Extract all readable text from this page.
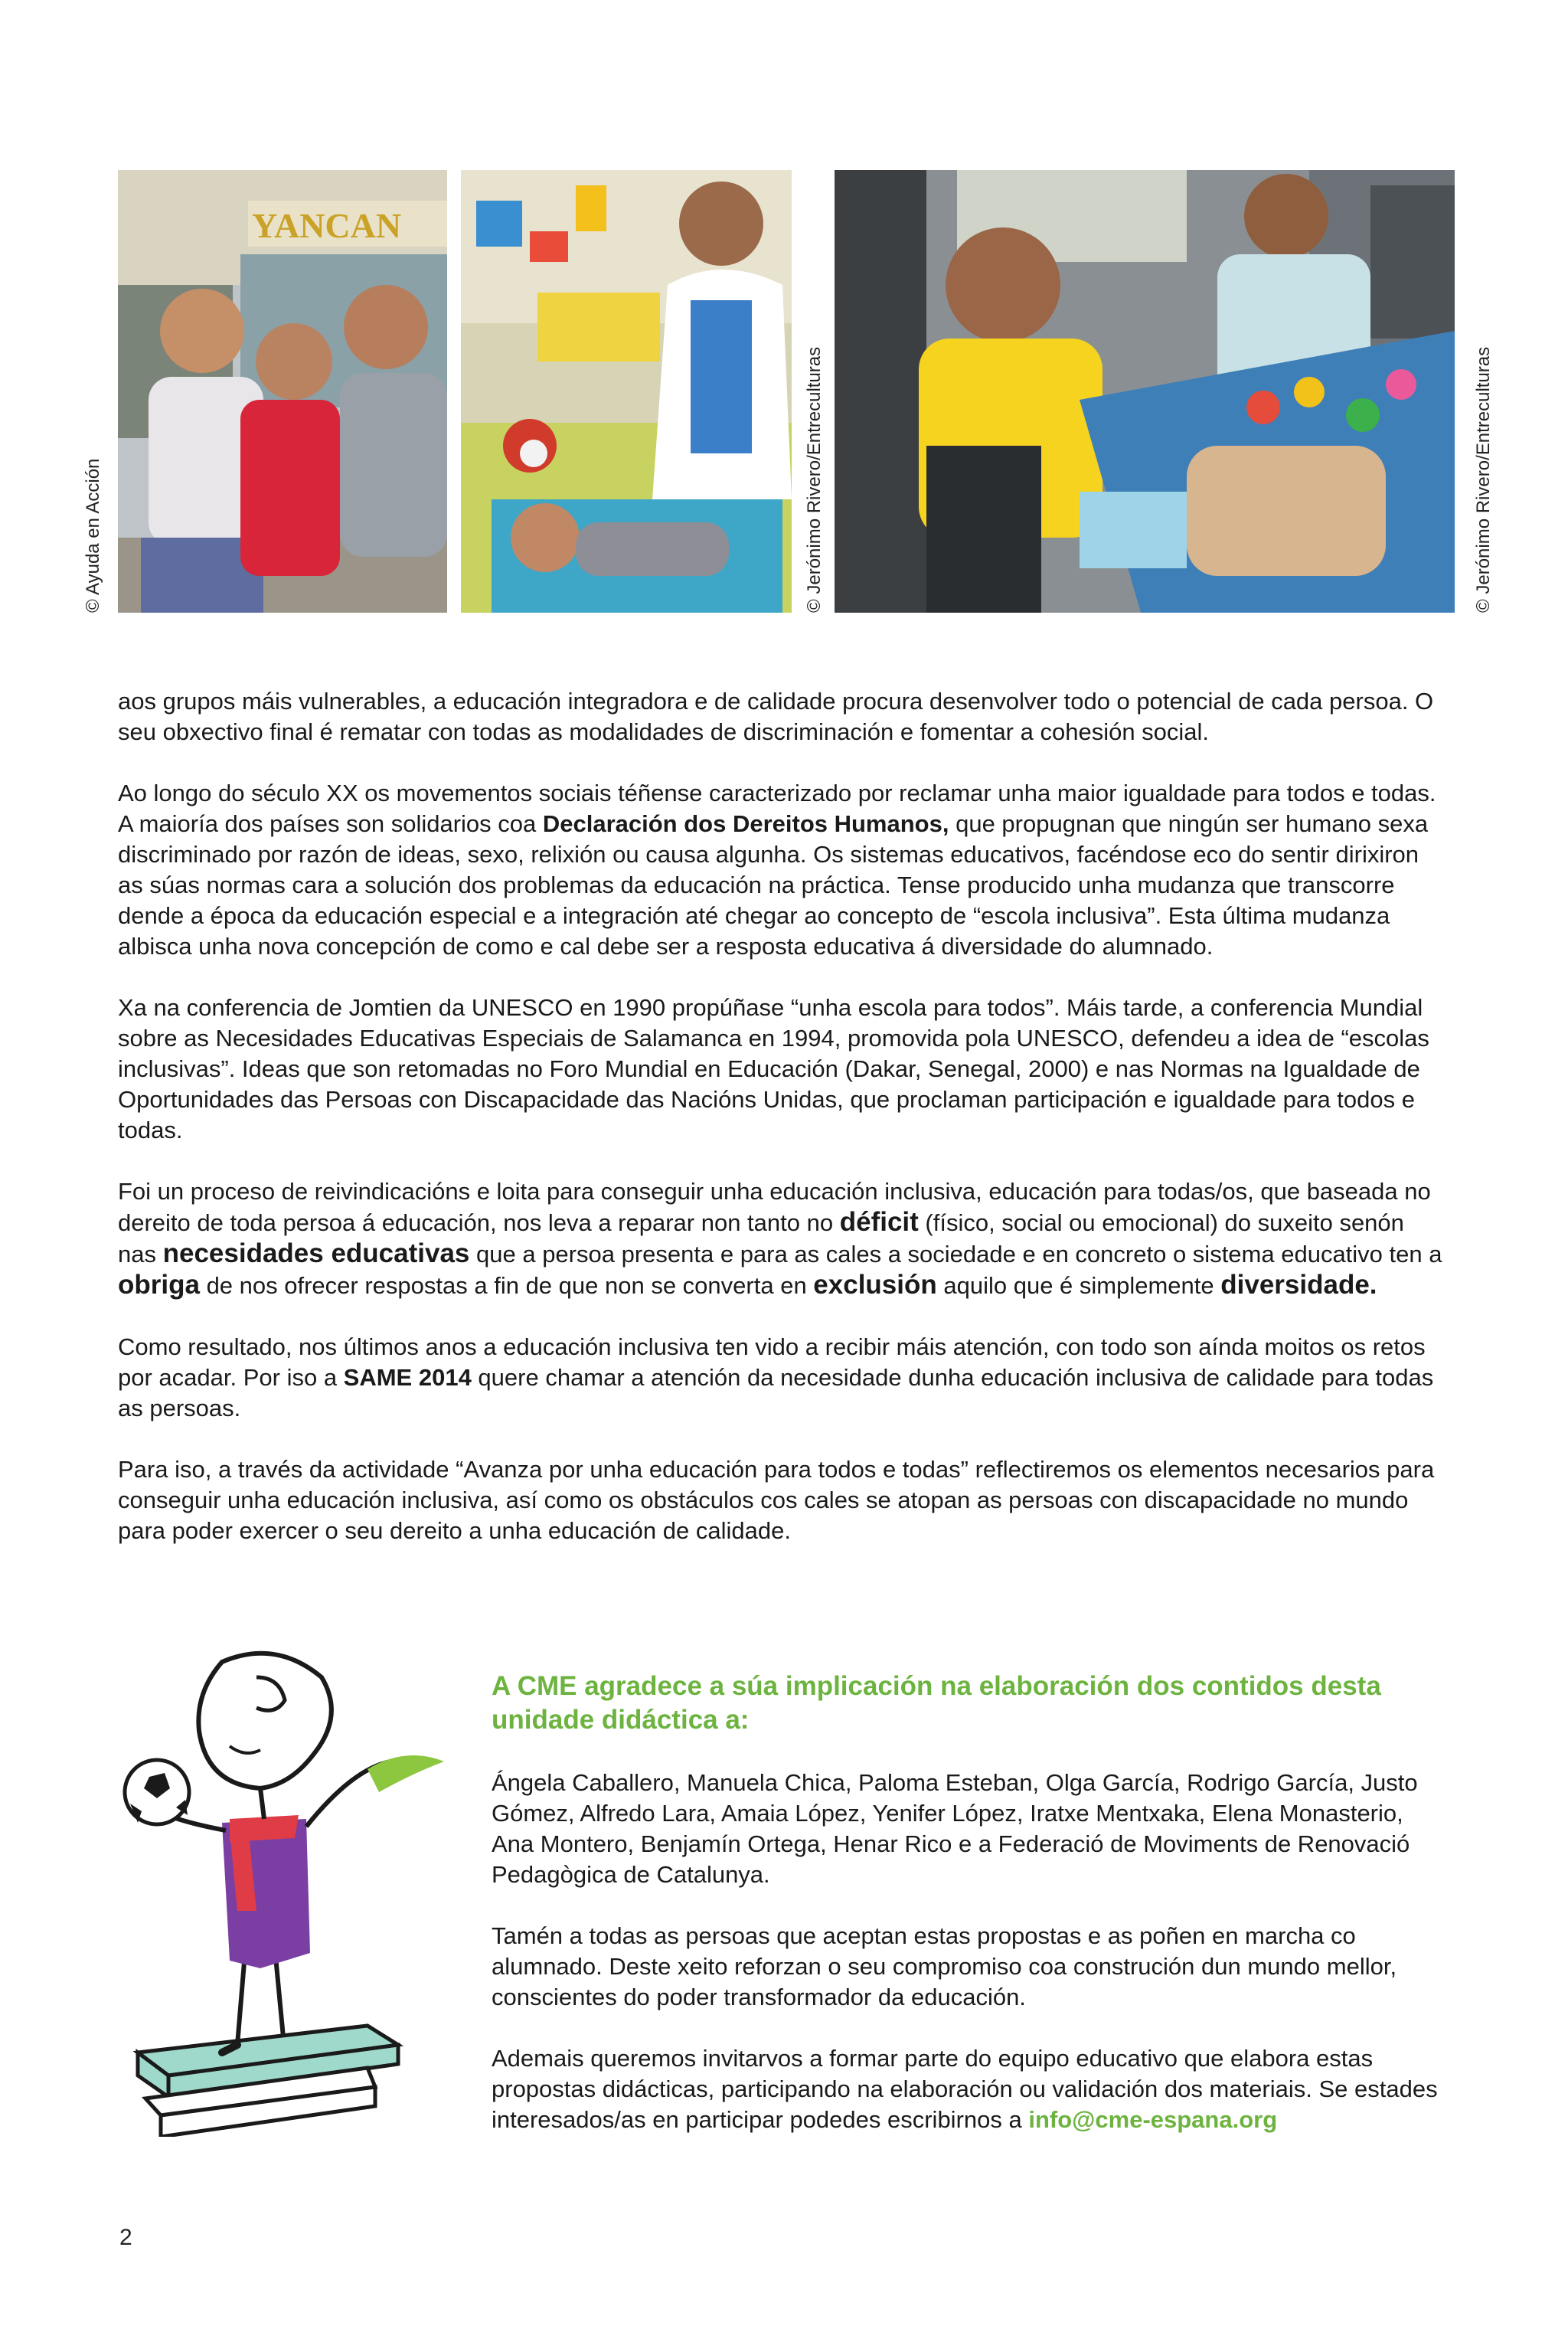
YANCAN
© Ayuda en Acción	© Jerónimo Rivero/Entreculturas	© Jerónimo Rivero/Entreculturas

aos grupos máis vulnerables, a educación integradora e de calidade procura desenvolver todo o potencial de cada persoa. O seu obxectivo final é rematar con todas as modalidades de discriminación e fomentar a cohesión social.

Ao longo do século XX os movementos sociais téñense caracterizado por reclamar unha maior igualdade para todos e todas. A maioría dos países son solidarios coa Declaración dos Dereitos Humanos, que propugnan que ningún ser humano sexa discriminado por razón de ideas, sexo, relixión ou causa algunha. Os sistemas educativos, facéndose eco do sentir dirixiron as súas normas cara a solución dos problemas da educación na práctica. Tense producido unha mudanza que transcorre dende a época da educación especial e a integración até chegar ao concepto de “escola inclusiva”. Esta última mudanza albisca unha nova concepción de como e cal debe ser a resposta educativa á diversidade do alumnado.

Xa na conferencia de Jomtien da UNESCO en 1990 propúñase “unha escola para todos”. Máis tarde, a conferencia Mundial sobre as Necesidades Educativas Especiais de Salamanca en 1994, promovida pola UNESCO, defendeu a idea de “escolas inclusivas”. Ideas que son retomadas no Foro Mundial en Educación (Dakar, Senegal, 2000) e nas Normas na Igualdade de Oportunidades das Persoas con Discapacidade das Nacións Unidas, que proclaman participación e igualdade para todos e todas.

Foi un proceso de reivindicacións e loita para conseguir unha educación inclusiva, educación para todas/os, que baseada no dereito de toda persoa á educación, nos leva a reparar non tanto no déficit (físico, social ou emocional) do suxeito senón nas necesidades educativas que a persoa presenta e para as cales a sociedade e en concreto o sistema educativo ten a obriga de nos ofrecer respostas a fin de que non se converta en exclusión aquilo que é simplemente diversidade.

Como resultado, nos últimos anos a educación inclusiva ten vido a recibir máis atención, con todo son aínda moitos os retos por acadar. Por iso a SAME 2014 quere chamar a atención da necesidade dunha educación inclusiva de calidade para todas as persoas.

Para iso, a través da actividade “Avanza por unha educación para todos e todas” reflectiremos os elementos necesarios para conseguir unha educación inclusiva, así como os obstáculos cos cales se atopan as persoas con discapacidade no mundo para poder exercer o seu dereito a unha educación de calidade.

A CME agradece a súa implicación na elaboración dos contidos desta unidade didáctica a:

Ángela Caballero, Manuela Chica, Paloma Esteban, Olga García, Rodrigo García, Justo Gómez, Alfredo Lara, Amaia López, Yenifer López, Iratxe Mentxaka, Elena Monasterio, Ana Montero, Benjamín Ortega, Henar Rico e a Federació de Moviments de Renovació Pedagògica de Catalunya.

Tamén a todas as persoas que aceptan estas propostas e as poñen en marcha co alumnado. Deste xeito reforzan o seu compromiso coa construción dun mundo mellor, conscientes do poder transformador da educación.

Ademais queremos invitarvos a formar parte do equipo educativo que elabora estas propostas didácticas, participando na elaboración ou validación dos materiais. Se estades interesados/as en participar podedes escribirnos a info@cme-espana.org

2
